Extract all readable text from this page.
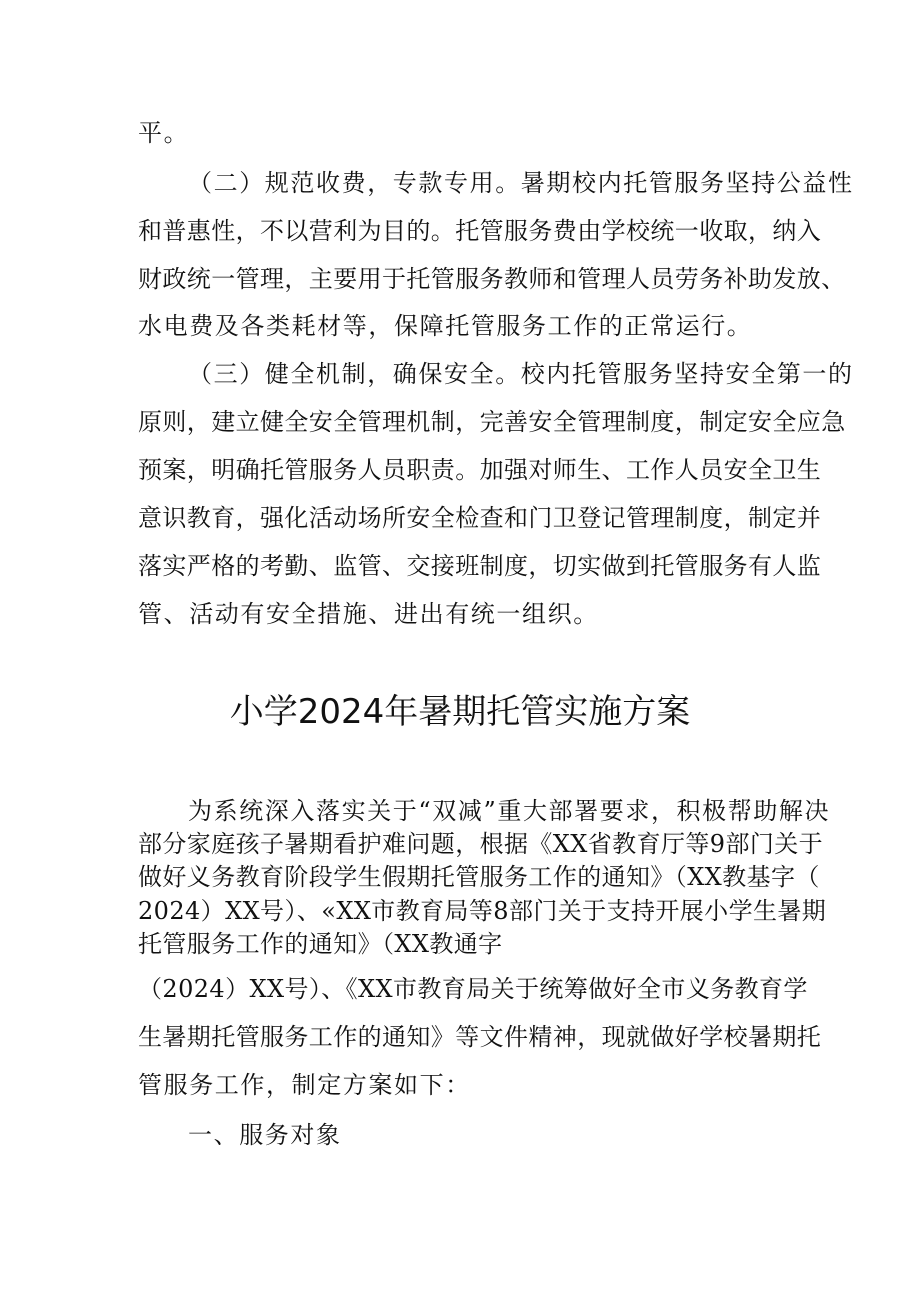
平。
（二）规范收费，专款专用。暑期校内托管服务坚持公益性
和普惠性，不以营利为目的。托管服务费由学校统一收取，纳入
财政统一管理，主要用于托管服务教师和管理人员劳务补助发放、
水电费及各类耗材等，保障托管服务工作的正常运行。
（三）健全机制，确保安全。校内托管服务坚持安全第一的
原则，建立健全安全管理机制，完善安全管理制度，制定安全应急
预案，明确托管服务人员职责。加强对师生、工作人员安全卫生
意识教育，强化活动场所安全检查和门卫登记管理制度，制定并
落实严格的考勤、监管、交接班制度，切实做到托管服务有人监
管、活动有安全措施、进出有统一组织。
小学2024年暑期托管实施方案
为系统深入落实关于“双减”重大部署要求，积极帮助解决
部分家庭孩子暑期看护难问题，根据《XX省教育厅等9部门关于
做好义务教育阶段学生假期托管服务工作的通知》（XX教基字（
2024）XX号）、«XX市教育局等8部门关于支持开展小学生暑期
托管服务工作的通知》（XX教通字
（2024）XX号）、《XX市教育局关于统筹做好全市义务教育学
生暑期托管服务工作的通知》等文件精神，现就做好学校暑期托
管服务工作，制定方案如下：
一、服务对象
